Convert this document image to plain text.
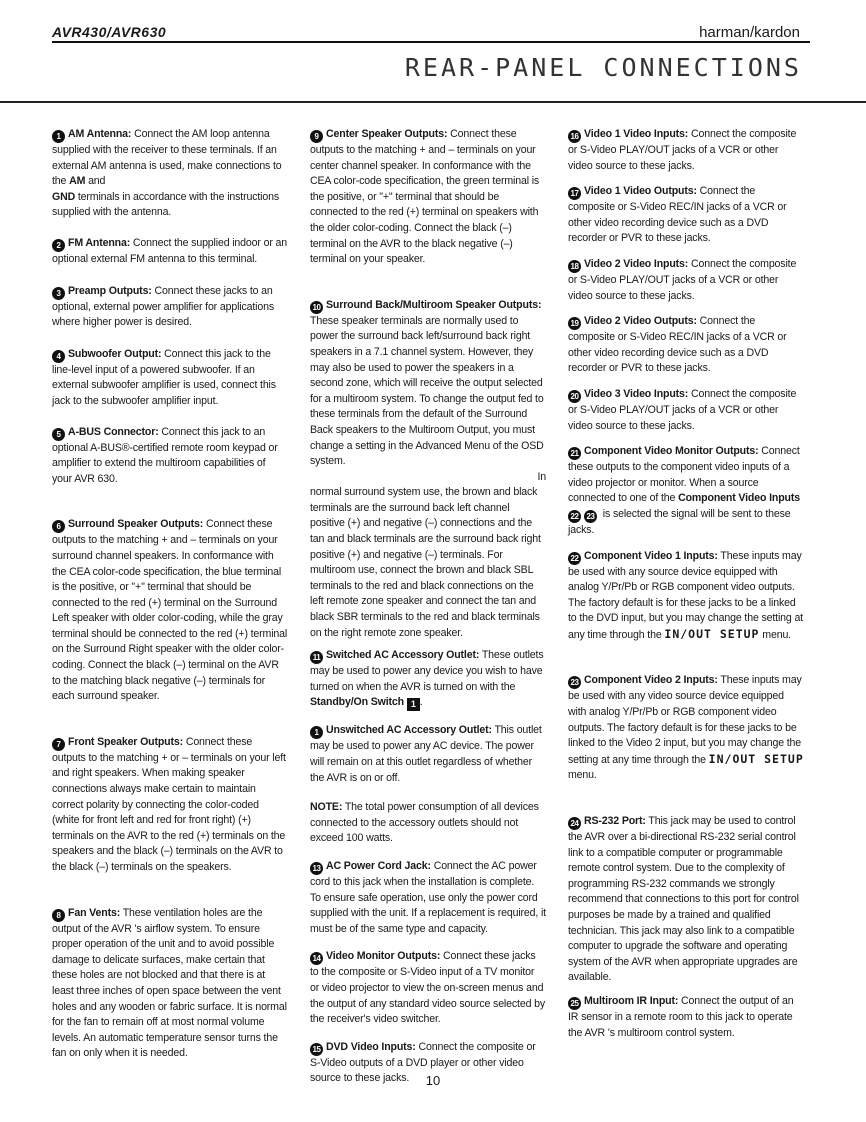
AVR430/AVR630	harman/kardon
REAR-PANEL CONNECTIONS

1 AM Antenna: Connect the AM loop antenna supplied with the receiver to these terminals. If an external AM antenna is used, make connections to the AM and
GND terminals in accordance with the instructions supplied with the antenna.

2 FM Antenna: Connect the supplied indoor or an optional external FM antenna to this terminal.

3 Preamp Outputs: Connect these jacks to an optional, external power amplifier for applications where higher power is desired.

4 Subwoofer Output: Connect this jack to the line-level input of a powered subwoofer. If an external subwoofer amplifier is used, connect this jack to the subwoofer amplifier input.

5 A-BUS Connector: Connect this jack to an optional A-BUS®-certified remote room keypad or amplifier to extend the multiroom capabilities of your AVR 630.

6 Surround Speaker Outputs: Connect these outputs to the matching + and – terminals on your surround channel speakers. In conformance with the CEA color-code specification, the blue terminal is the positive, or "+" terminal that should be connected to the red (+) terminal on the Surround Left speaker with older color-coding, while the gray terminal should be connected to the red (+) terminal on the Surround Right speaker with the older color-coding. Connect the black (–) terminal on the AVR to the matching black negative (–) terminals for each surround speaker.

7 Front Speaker Outputs: Connect these outputs to the matching + or – terminals on your left and right speakers. When making speaker connections always make certain to maintain correct polarity by connecting the color-coded (white for front left and red for front right) (+) terminals on the AVR to the red (+) terminals on the speakers and the black (–) terminals on the AVR to the black (–) terminals on the speakers.

8 Fan Vents: These ventilation holes are the output of the AVR 's airflow system. To ensure proper operation of the unit and to avoid possible damage to delicate surfaces, make certain that these holes are not blocked and that there is at least three inches of open space between the vent holes and any wooden or fabric surface. It is normal for the fan to remain off at most normal volume levels. An automatic temperature sensor turns the fan on only when it is needed.

9 Center Speaker Outputs: Connect these outputs to the matching + and – terminals on your center channel speaker. In conformance with the CEA color-code specification, the green terminal is the positive, or "+" terminal that should be connected to the red (+) terminal on speakers with the older color-coding. Connect the black (–) terminal on the AVR to the black negative (–) terminal on your speaker.

10 Surround Back/Multiroom Speaker Outputs: These speaker terminals are normally used to power the surround back left/surround back right speakers in a 7.1 channel system. However, they may also be used to power the speakers in a second zone, which will receive the output selected for a multiroom system. To change the output fed to these terminals from the default of the Surround Back speakers to the Multiroom Output, you must change a setting in the Advanced Menu of the OSD system.

In

normal surround system use, the brown and black terminals are the surround back left channel positive (+) and negative (–) connections and the tan and black terminals are the surround back right positive (+) and negative (–) terminals. For multiroom use, connect the brown and black SBL terminals to the red and black connections on the left remote zone speaker and connect the tan and black SBR terminals to the red and black terminals on the right remote zone speaker.

11 Switched AC Accessory Outlet: These outlets may be used to power any device you wish to have turned on when the AVR is turned on with the
Standby/On Switch 1 .

1 Unswitched AC Accessory Outlet: This outlet may be used to power any AC device. The power will remain on at this outlet regardless of whether the AVR is on or off.

NOTE: The total power consumption of all devices connected to the accessory outlets should not exceed 100 watts.

13 AC Power Cord Jack: Connect the AC power cord to this jack when the installation is complete. To ensure safe operation, use only the power cord supplied with the unit. If a replacement is required, it must be of the same type and capacity.

14 Video Monitor Outputs: Connect these jacks to the composite or S-Video input of a TV monitor or video projector to view the on-screen menus and the output of any standard video source selected by the receiver's video switcher.

15 DVD Video Inputs: Connect the composite or S-Video outputs of a DVD player or other video source to these jacks.

16 Video 1 Video Inputs: Connect the composite or S-Video PLAY/OUT jacks of a VCR or other video source to these jacks.

17 Video 1 Video Outputs: Connect the composite or S-Video REC/IN jacks of a VCR or other video recording device such as a DVD recorder or PVR to these jacks.

18 Video 2 Video Inputs: Connect the composite or S-Video PLAY/OUT jacks of a VCR or other video source to these jacks.

19 Video 2 Video Outputs: Connect the composite or S-Video REC/IN jacks of a VCR or other video recording device such as a DVD recorder or PVR to these jacks.

20 Video 3 Video Inputs: Connect the composite or S-Video PLAY/OUT jacks of a VCR or other video source to these jacks.

21 Component Video Monitor Outputs: Connect these outputs to the component video inputs of a video projector or monitor. When a source connected to one of the Component Video Inputs 22 23 is selected the signal will be sent to these jacks.

22 Component Video 1 Inputs: These inputs may be used with any source device equipped with analog Y/Pr/Pb or RGB component video outputs. The factory default is for these jacks to be a linked to the DVD input, but you may change the setting at any time through the IN/OUT SETUP menu.

23 Component Video 2 Inputs: These inputs may be used with any video source device equipped with analog Y/Pr/Pb or RGB component video outputs. The factory default is for these jacks to be linked to the Video 2 input, but you may change the setting at any time through the IN/OUT SETUP menu.

24 RS-232 Port: This jack may be used to control the AVR over a bi-directional RS-232 serial control link to a compatible computer or programmable remote control system. Due to the complexity of programming RS-232 commands we strongly recommend that connections to this port for control purposes be made by a trained and qualified technician. This jack may also link to a compatible computer to upgrade the software and operating system of the AVR when appropriate upgrades are available.

25 Multiroom IR Input: Connect the output of an IR sensor in a remote room to this jack to operate the AVR 's multiroom control system.

10
